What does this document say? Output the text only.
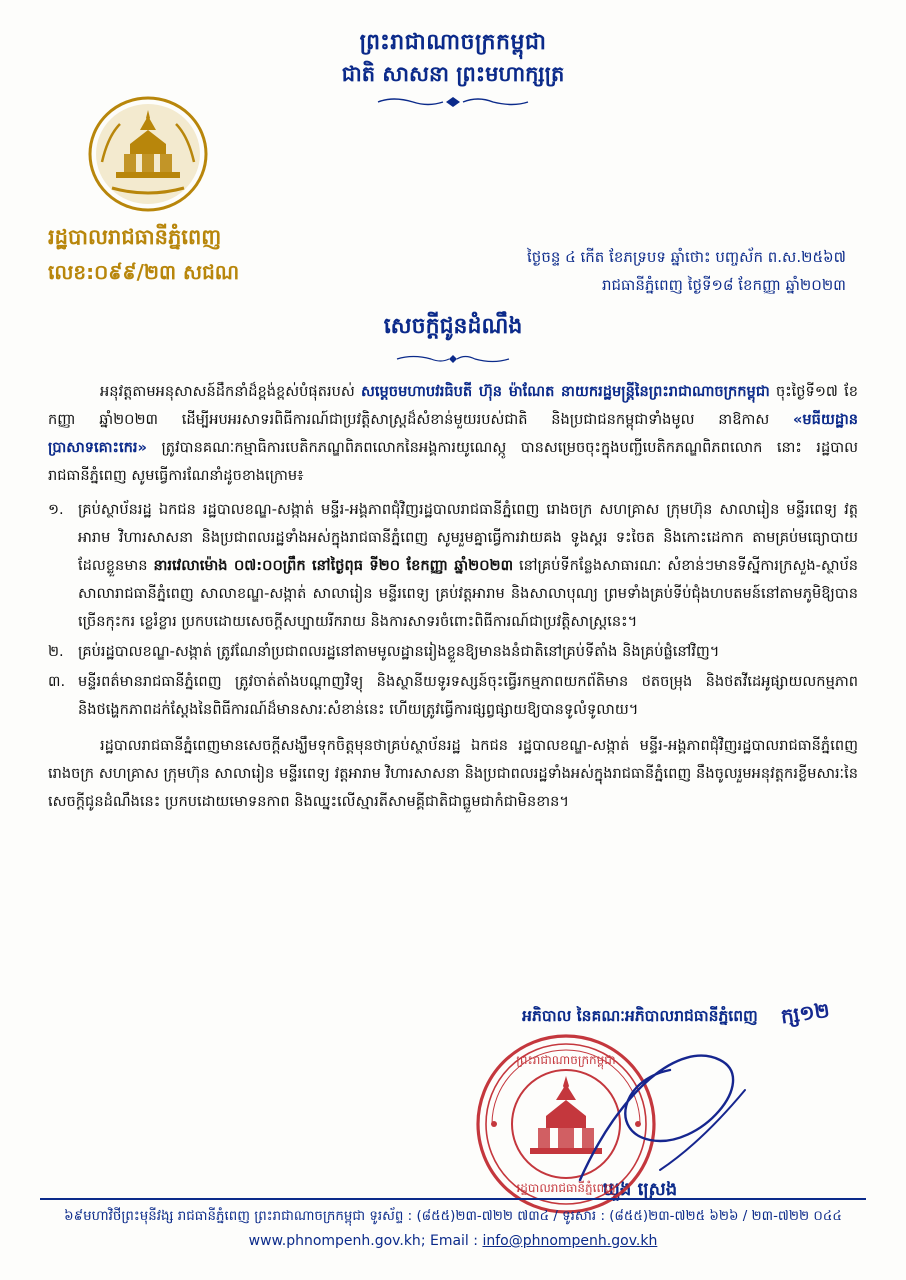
ព្រះរាជាណាចក្រកម្ពុជា
ជាតិ សាសនា ព្រះមហាក្សត្រ
រដ្ឋបាលរាជធានីភ្នំពេញ
លេខ:០៩៩/២៣ សជណ
ថ្ងៃចន្ទ ៤ កើត ខែភទ្របទ ឆ្នាំថោះ បញ្ចស័ក ព.ស.២៥៦៧
រាជធានីភ្នំពេញ ថ្ងៃទី១៨ ខែកញ្ញា ឆ្នាំ២០២៣
សេចក្ដីជូនដំណឹង

អនុវត្តតាមអនុសាសន៍ដឹកនាំដ៏ខ្ពង់ខ្ពស់បំផុតរបស់ សម្តេចមហាបវរធិបតី ហ៊ុន ម៉ាណែត នាយករដ្ឋមន្ត្រីនៃព្រះរាជាណាចក្រកម្ពុជា ចុះថ្ងៃទី១៧ ខែកញ្ញា ឆ្នាំ២០២៣ ដើម្បីអបអរសាទរពិធីការណ៍ជាប្រវត្តិសាស្ត្រដ៏សំខាន់មួយរបស់ជាតិ និងប្រជាជនកម្ពុជាទាំងមូល នាឱកាស «មធីយដ្ឋានប្រាសាទគោះកេរ» ត្រូវបានគណៈកម្មាធិការបេតិកភណ្ឌពិភពលោកនៃអង្គការយូណេស្កូ បានសម្រេចចុះក្នុងបញ្ជីបេតិកភណ្ឌពិភពលោក នោះ រដ្ឋបាលរាជធានីភ្នំពេញ សូមធ្វើការណែនាំដូចខាងក្រោម៖

១. គ្រប់ស្ថាប័នរដ្ឋ ឯកជន រដ្ឋបាលខណ្ឌ-សង្កាត់ មន្ទីរ-អង្គភាពជុំវិញរដ្ឋបាលរាជធានីភ្នំពេញ រោងចក្រ សហគ្រាស ក្រុមហ៊ុន សាលារៀន មន្ទីរពេទ្យ វត្តអារាម វិហារសាសនា និងប្រជាពលរដ្ឋទាំងអស់ក្នុងរាជធានីភ្នំពេញ សូមរួមគ្នាធ្វើការវាយគង ទូងស្គរ ទះចៃត និងកោះដេកាក តាមគ្រប់មធ្យោបាយដែលខ្លួនមាន នារវេលាម៉ោង ០៧:០០ព្រឹក នៅថ្ងៃពុធ ទី២០ ខែកញ្ញា ឆ្នាំ២០២៣ នៅគ្រប់ទីកន្លែងសាធារណៈ សំខាន់ៗមានទីស្នីការក្រសួង-ស្ថាប័ន សាលារាជធានីភ្នំពេញ សាលាខណ្ឌ-សង្កាត់ សាលារៀន មន្ទីរពេទ្យ គ្រប់វត្តអារាម និងសាលាបុណ្យ ព្រមទាំងគ្រប់ទីប់ជុំងហបតមន៍នៅតាមភូមិឱ្យបានច្រើនកុះករ ខ្លេរំខ្លារ ប្រកបដោយសេចក្តីសប្បាយរីករាយ និងការសាទរចំពោះពិធីការណ៍ជាប្រវត្តិសាស្ត្រនេះ។
២. គ្រប់រដ្ឋបាលខណ្ឌ-សង្កាត់ ត្រូវណែនាំប្រជាពលរដ្ឋនៅតាមមូលដ្ឋានរៀងខ្លួនឱ្យមានងនំជាតិនៅគ្រប់ទីតាំង និងគ្រប់ផ្លំនៅវិញ។
៣. មន្ទីរពត៌មានរាជធានីភ្នំពេញ ត្រូវចាត់តាំងបណ្តាញវិទ្យុ និងស្ថានីយទូរទស្សន៍ចុះធ្វើរកម្មភាពយកព័តិមាន ថតចម្រុង និងថតវីដេអូផ្សាយលកម្មភាព និងថង្ហេកភាពដក់ស្តែងនៃពិធីការណ៍ដ៏មានសារៈសំខាន់នេះ ហើយត្រូវធ្វើការផ្សព្វផ្សាយឱ្យបានទូលំទូលាយ។

រដ្ឋបាលរាជធានីភ្នំពេញមានសេចក្ដីសង្ឃឹមទុកចិត្តមុនថាគ្រប់ស្ថាប័នរដ្ឋ ឯកជន រដ្ឋបាលខណ្ឌ-សង្កាត់ មន្ទីរ-អង្គភាពជុំវិញរដ្ឋបាលរាជធានីភ្នំពេញ រោងចក្រ សហគ្រាស ក្រុមហ៊ុន សាលារៀន មន្ទីរពេទ្យ វត្តអារាម វិហារសាសនា និងប្រជាពលរដ្ឋទាំងអស់ក្នុងរាជធានីភ្នំពេញ នឹងចូលរួមអនុវត្តករខ្លីមសារៈនៃសេចក្ដីជូនដំណឹងនេះ ប្រកបដោយមោទនកាព និងឈ្នះលើស្មារតីសាមគ្គីជាតិជាធ្លួមជាកំជាមិនខាន។

អភិបាល នៃគណៈអភិបាលរាជធានីភ្នំពេញ ក្ស១២
ឃួង ស្រេង
ព្រះរាជាណាចក្រកម្ពុជា
រដ្ឋបាលរាជធានីភ្នំពេញ
៦៩មហាវិថីព្រះមុនីវង្ស រាជធានីភ្នំពេញ ព្រះរាជាណាចក្រកម្ពុជា ទូរស័ព្ទ : (៨៥៥)២៣-៧២២ ៧៣៤ / ទូរសារ : (៨៥៥)២៣-៧២៥ ៦២៦ / ២៣-៧២២ ០៤៤
www.phnompenh.gov.kh; Email : info@phnompenh.gov.kh
